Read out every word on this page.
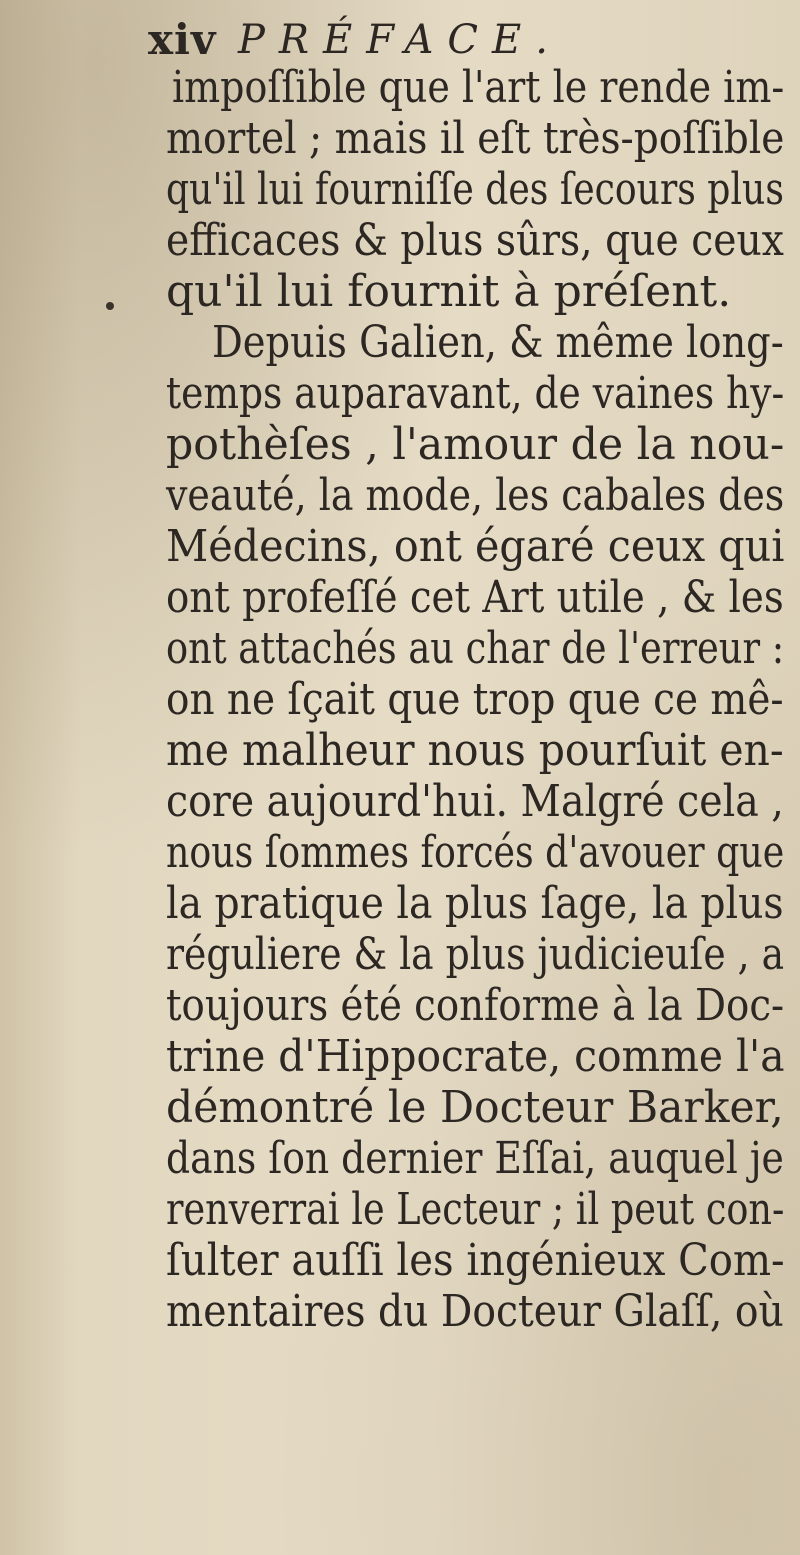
xiv PRÉFACE.
impoſſible que l'art le rende im-
mortel ; mais il eſt très-poſſible
qu'il lui fourniſſe des ſecours plus
efficaces & plus sûrs, que ceux
qu'il lui fournit à préſent.
Depuis Galien, & même long-
temps auparavant, de vaines hy-
pothèſes , l'amour de la nou-
veauté, la mode, les cabales des
Médecins, ont égaré ceux qui
ont profeſſé cet Art utile , & les
ont attachés au char de l'erreur :
on ne ſçait que trop que ce mê-
me malheur nous pourſuit en-
core aujourd'hui. Malgré cela ,
nous ſommes forcés d'avouer que
la pratique la plus ſage, la plus
réguliere & la plus judicieuſe , a
toujours été conforme à la Doc-
trine d'Hippocrate, comme l'a
démontré le Docteur Barker,
dans ſon dernier Eſſai, auquel je
renverrai le Lecteur ; il peut con-
ſulter auſſi les ingénieux Com-
mentaires du Docteur Glaſſ, où
